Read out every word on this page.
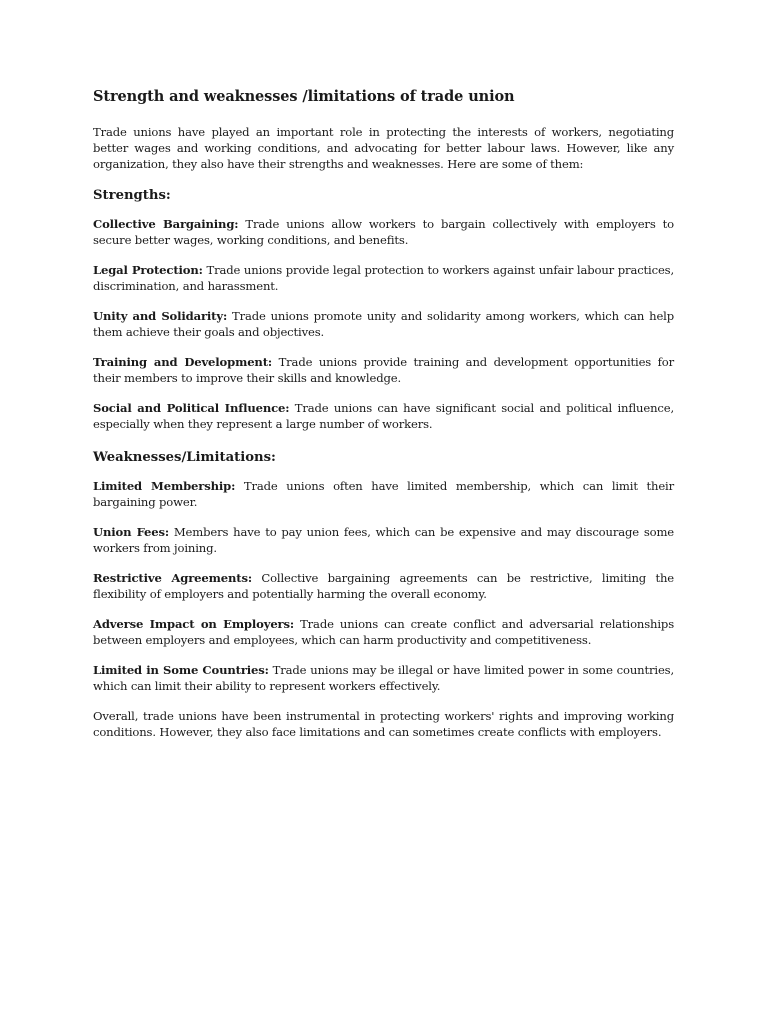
Strength and weaknesses /limitations of trade union

Trade unions have played an important role in protecting the interests of workers, negotiating better wages and working conditions, and advocating for better labour laws. However, like any organization, they also have their strengths and weaknesses. Here are some of them:

Strengths:

Collective Bargaining: Trade unions allow workers to bargain collectively with employers to secure better wages, working conditions, and benefits.

Legal Protection: Trade unions provide legal protection to workers against unfair labour practices, discrimination, and harassment.

Unity and Solidarity: Trade unions promote unity and solidarity among workers, which can help them achieve their goals and objectives.

Training and Development: Trade unions provide training and development opportunities for their members to improve their skills and knowledge.

Social and Political Influence: Trade unions can have significant social and political influence, especially when they represent a large number of workers.

Weaknesses/Limitations:

Limited Membership: Trade unions often have limited membership, which can limit their bargaining power.

Union Fees: Members have to pay union fees, which can be expensive and may discourage some workers from joining.

Restrictive Agreements: Collective bargaining agreements can be restrictive, limiting the flexibility of employers and potentially harming the overall economy.

Adverse Impact on Employers: Trade unions can create conflict and adversarial relationships between employers and employees, which can harm productivity and competitiveness.

Limited in Some Countries: Trade unions may be illegal or have limited power in some countries, which can limit their ability to represent workers effectively.

Overall, trade unions have been instrumental in protecting workers' rights and improving working conditions. However, they also face limitations and can sometimes create conflicts with employers.
